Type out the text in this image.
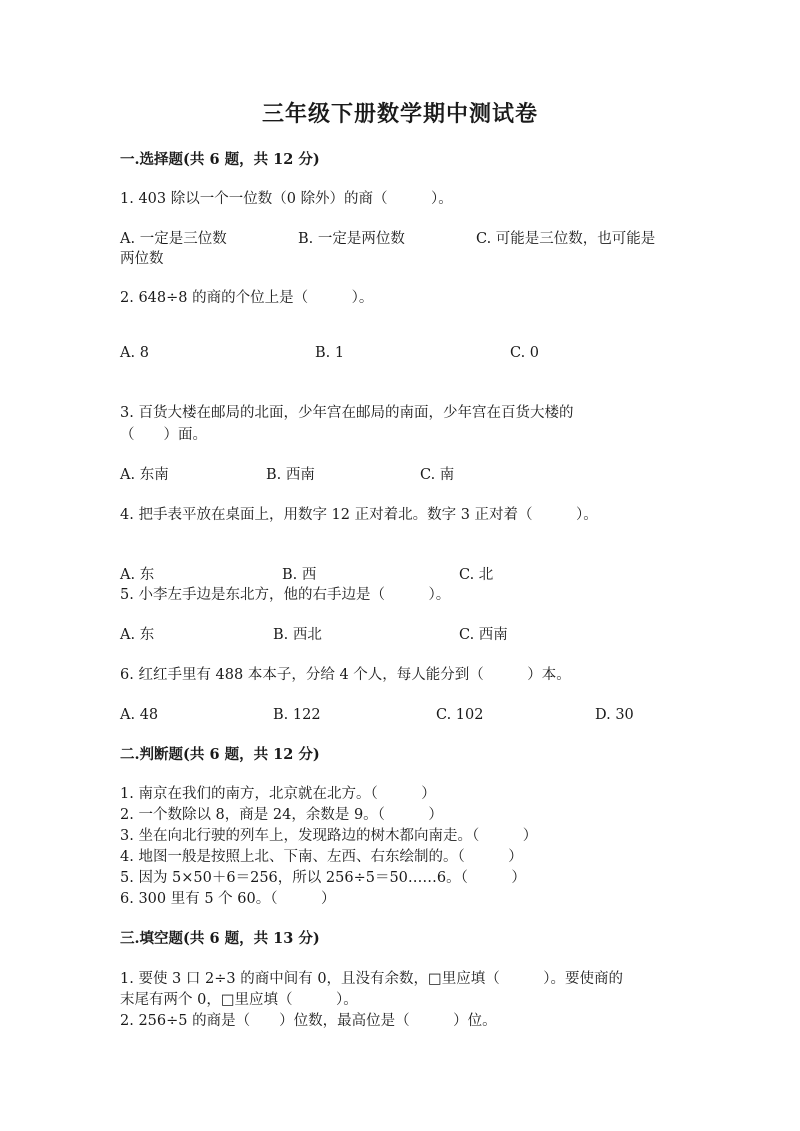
三年级下册数学期中测试卷
一.选择题(共 6 题，共 12 分)
1. 403 除以一个一位数（0 除外）的商（　　　）。
A. 一定是三位数	B. 一定是两位数	C. 可能是三位数，也可能是
两位数
2. 648÷8 的商的个位上是（　　　）。
A. 8	B. 1	C. 0
3. 百货大楼在邮局的北面，少年宫在邮局的南面，少年宫在百货大楼的
（　　）面。
A. 东南	B. 西南	C. 南
4. 把手表平放在桌面上，用数字 12 正对着北。数字 3 正对着（　　　）。
A. 东	B. 西	C. 北
5. 小李左手边是东北方，他的右手边是（　　　）。
A. 东	B. 西北	C. 西南
6. 红红手里有 488 本本子，分给 4 个人，每人能分到（　　　）本。
A. 48	B. 122	C. 102	D. 30
二.判断题(共 6 题，共 12 分)
1. 南京在我们的南方，北京就在北方。（　　　）
2. 一个数除以 8，商是 24，余数是 9。（　　　）
3. 坐在向北行驶的列车上，发现路边的树木都向南走。（　　　）
4. 地图一般是按照上北、下南、左西、右东绘制的。（　　　）
5. 因为 5×50＋6＝256，所以 256÷5＝50……6。（　　　）
6. 300 里有 5 个 60。（　　　）
三.填空题(共 6 题，共 13 分)
1. 要使 3 口 2÷3 的商中间有 0，且没有余数，□里应填（　　　）。要使商的
末尾有两个 0，□里应填（　　　）。
2. 256÷5 的商是（　　）位数，最高位是（　　　）位。
